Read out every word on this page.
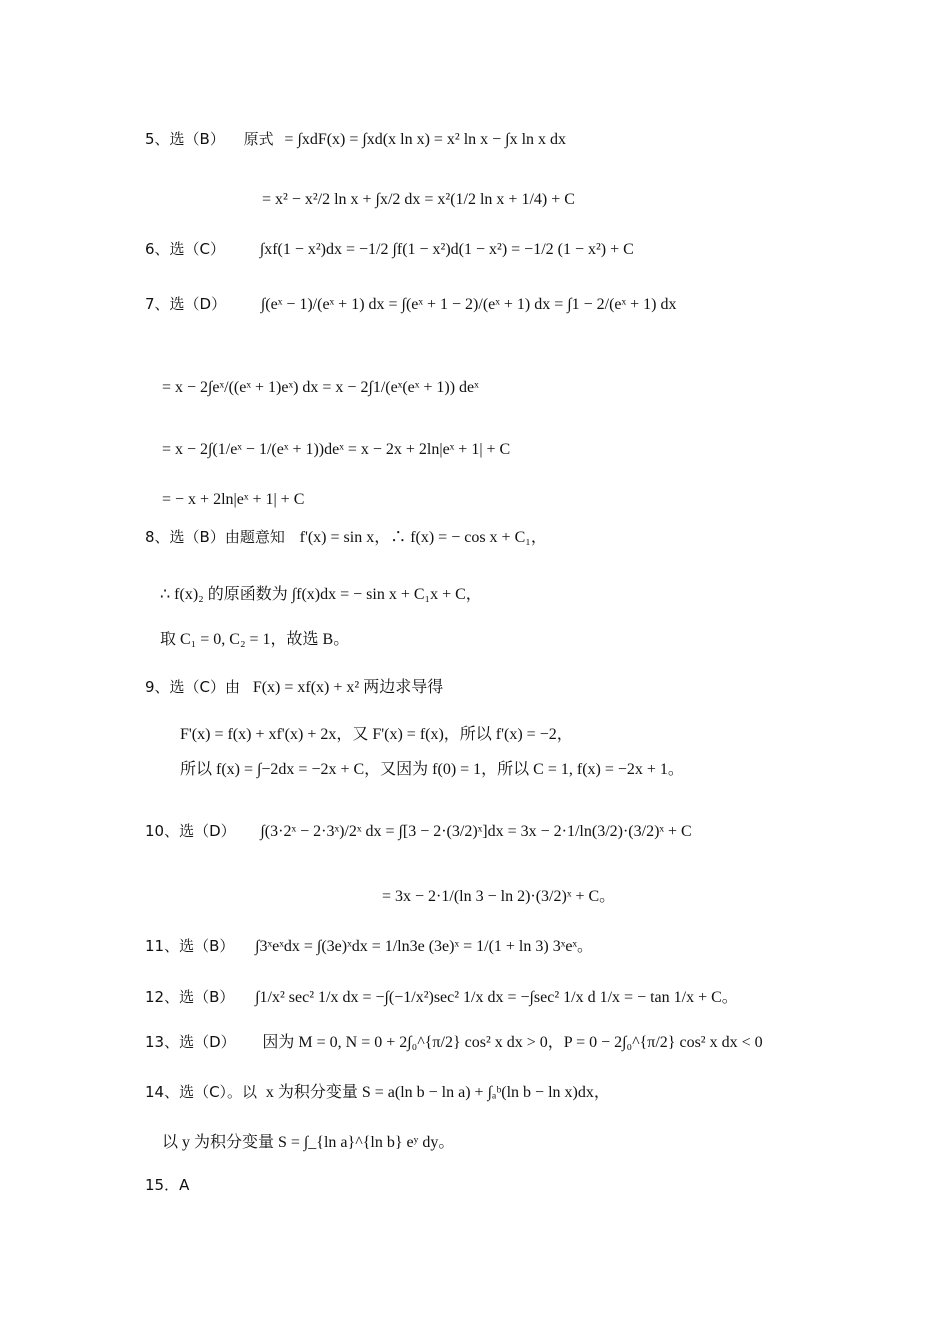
5、选（B） 原式 = ∫xdF(x) = ∫xd(x ln x) = x² ln x − ∫x ln x dx
= x² − x²/2 ln x + ∫x/2 dx = x²(1/2 ln x + 1/4) + C
6、选（C） ∫xf(1 − x²)dx = −1/2 ∫f(1 − x²)d(1 − x²) = −1/2 (1 − x²) + C
7、选（D） ∫(eˣ − 1)/(eˣ + 1) dx = ∫(eˣ + 1 − 2)/(eˣ + 1) dx = ∫1 − 2/(eˣ + 1) dx
= x − 2∫eˣ/((eˣ + 1)eˣ) dx = x − 2∫1/(eˣ(eˣ + 1)) deˣ
= x − 2∫(1/eˣ − 1/(eˣ + 1))deˣ = x − 2x + 2ln|eˣ + 1| + C
= − x + 2ln|eˣ + 1| + C
8、选（B）由题意知 f'(x) = sin x，∴ f(x) = − cos x + C₁，
∴ f(x)₂ 的原函数为 ∫f(x)dx = − sin x + C₁x + C，
取 C₁ = 0, C₂ = 1，故选 B。
9、选（C）由 F(x) = xf(x) + x² 两边求导得
F'(x) = f(x) + xf'(x) + 2x，又 F'(x) = f(x)，所以 f'(x) = −2，
所以 f(x) = ∫−2dx = −2x + C，又因为 f(0) = 1，所以 C = 1, f(x) = −2x + 1。
10、选（D） ∫(3·2ˣ − 2·3ˣ)/2ˣ dx = ∫[3 − 2·(3/2)ˣ]dx = 3x − 2·1/ln(3/2)·(3/2)ˣ + C
= 3x − 2·1/(ln 3 − ln 2)·(3/2)ˣ + C。
11、选（B） ∫3ˣeˣdx = ∫(3e)ˣdx = 1/ln3e (3e)ˣ = 1/(1 + ln 3) 3ˣeˣ。
12、选（B） ∫1/x² sec² 1/x dx = −∫(−1/x²)sec² 1/x dx = −∫sec² 1/x d 1/x = − tan 1/x + C。
13、选（D） 因为 M = 0, N = 0 + 2∫₀^{π/2} cos² x dx > 0，P = 0 − 2∫₀^{π/2} cos² x dx < 0
14、选（C）。以 x 为积分变量 S = a(ln b − ln a) + ∫ₐᵇ(ln b − ln x)dx，
以 y 为积分变量 S = ∫_{ln a}^{ln b} eʸ dy。
15．A
